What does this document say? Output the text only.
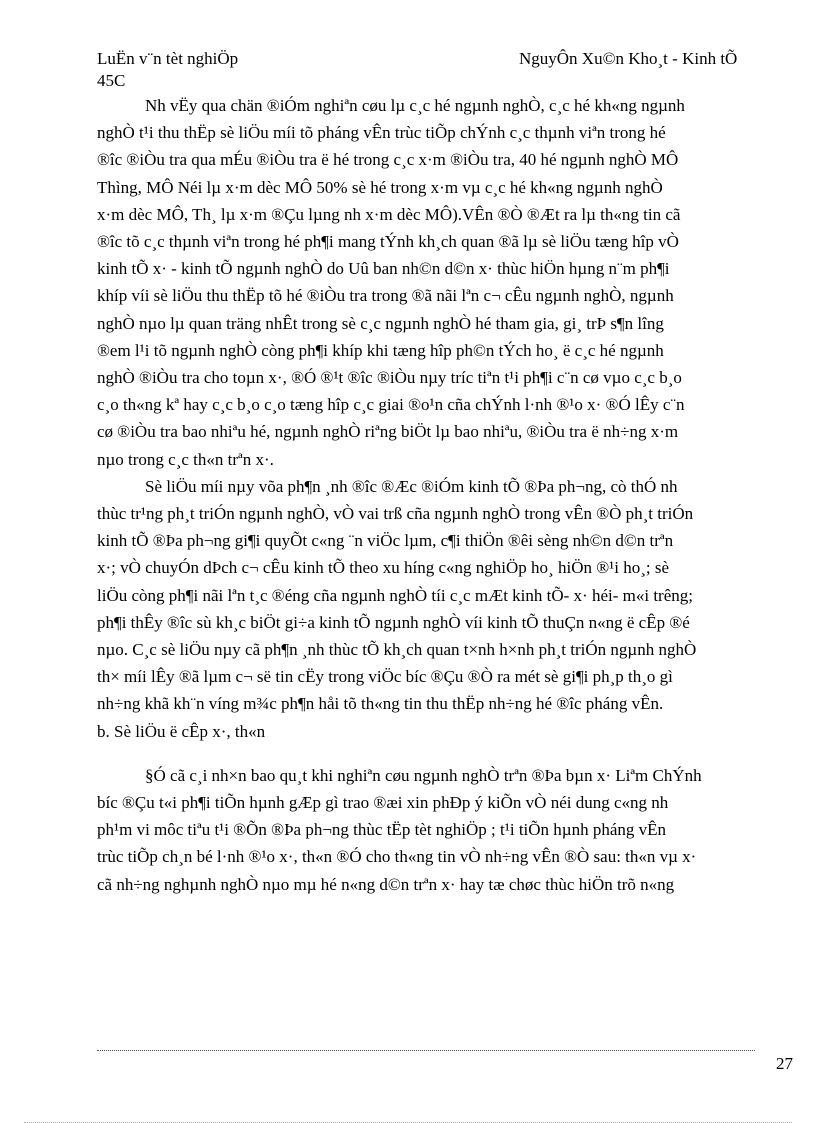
LuËn v¨n tèt nghiÖp
45C
NguyÔn Xu©n Kho¸t - Kinh tÕ
Nh vËy qua chän ®iÓm nghiªn cøu lµ c¸c hé ngµnh nghÒ, c¸c hé kh«ng ngµnh
nghÒ t¹i thu thËp sè liÖu míi tõ pháng vÊn trùc tiÕp chÝnh c¸c thµnh viªn trong hé
®îc ®iÒu tra qua mÉu ®iÒu tra ë hé trong c¸c x·m ®iÒu tra, 40 hé ngµnh nghÒ MÔ
Thìng, MÔ Néi lµ x·m dèc MÔ 50% sè hé trong x·m vµ c¸c hé kh«ng ngµnh nghÒ
x·m dèc MÔ, Th¸ lµ x·m ®Çu lµng nh x·m dèc MÔ).VÊn ®Ò ®Æt ra lµ th«ng tin cã
®îc tõ c¸c thµnh viªn trong hé ph¶i mang tÝnh kh¸ch quan ®ã lµ sè liÖu tæng hîp vÒ
kinh tÕ x· - kinh tÕ ngµnh nghÒ do Uû ban nh©n d©n x· thùc hiÖn hµng n¨m ph¶i
khíp víi sè liÖu thu thËp tõ hé ®iÒu tra trong ®ã nãi lªn c¬ cÊu ngµnh nghÒ, ngµnh
nghÒ nµo lµ quan träng nhÊt trong sè c¸c ngµnh nghÒ hé tham gia, gi¸ trÞ s¶n lîng
®em l¹i tõ ngµnh nghÒ còng ph¶i khíp khi tæng hîp ph©n tÝch ho¸ ë c¸c hé ngµnh
nghÒ ®iÒu tra cho toµn x·, ®Ó ®¹t ®îc ®iÒu nµy tríc tiªn t¹i ph¶i c¨n cø vµo c¸c b¸o
c¸o th«ng kª hay c¸c b¸o c¸o tæng hîp c¸c giai ®o¹n cña chÝnh l·nh ®¹o x· ®Ó lÊy c¨n
cø ®iÒu tra bao nhiªu hé, ngµnh nghÒ riªng biÖt lµ bao nhiªu, ®iÒu tra ë nh÷ng x·m
nµo trong c¸c th«n trªn x·.
Sè liÖu míi nµy võa ph¶n ¸nh ®îc ®Æc ®iÓm kinh tÕ ®Þa ph¬ng, cò thÓ nh
thùc tr¹ng ph¸t triÓn ngµnh nghÒ, vÒ vai trß cña ngµnh nghÒ trong vÊn ®Ò ph¸t triÓn
kinh tÕ ®Þa ph¬ng gi¶i quyÕt c«ng ¨n viÖc lµm, c¶i thiÖn ®êi sèng nh©n d©n trªn
x·; vÒ chuyÓn dÞch c¬ cÊu kinh tÕ theo xu híng c«ng nghiÖp ho¸ hiÖn ®¹i ho¸; sè
liÖu còng ph¶i nãi lªn t¸c ®éng cña ngµnh nghÒ tíi c¸c mÆt kinh tÕ- x· héi- m«i trêng;
ph¶i thÊy ®îc sù kh¸c biÖt gi÷a kinh tÕ ngµnh nghÒ víi kinh tÕ thuÇn n«ng ë cÊp ®é
nµo. C¸c sè liÖu nµy cã ph¶n ¸nh thùc tÕ kh¸ch quan t×nh h×nh ph¸t triÓn ngµnh nghÒ
th× míi lÊy ®ã lµm c¬ së tin cËy trong viÖc bíc ®Çu ®Ò ra mét sè gi¶i ph¸p th¸o gì
nh÷ng khã kh¨n víng m¾c ph¶n håi tõ th«ng tin thu thËp nh÷ng hé ®îc pháng vÊn.
b. Sè liÖu ë cÊp x·, th«n
§Ó cã c¸i nh×n bao qu¸t khi nghiªn cøu ngµnh nghÒ trªn ®Þa bµn x· Liªm ChÝnh
bíc ®Çu t«i ph¶i tiÕn hµnh gÆp gì trao ®æi xin phÐp ý kiÕn vÒ néi dung c«ng nh
ph¹m vi môc tiªu t¹i ®Õn ®Þa ph¬ng thùc tËp tèt nghiÖp ; t¹i tiÕn hµnh pháng vÊn
trùc tiÕp ch¸n bé l·nh ®¹o x·, th«n ®Ó cho th«ng tin vÒ nh÷ng vÊn ®Ò sau: th«n vµ x·
cã nh÷ng nghµnh nghÒ nµo mµ hé n«ng d©n trªn x· hay tæ chøc thùc hiÖn trõ n«ng
27
